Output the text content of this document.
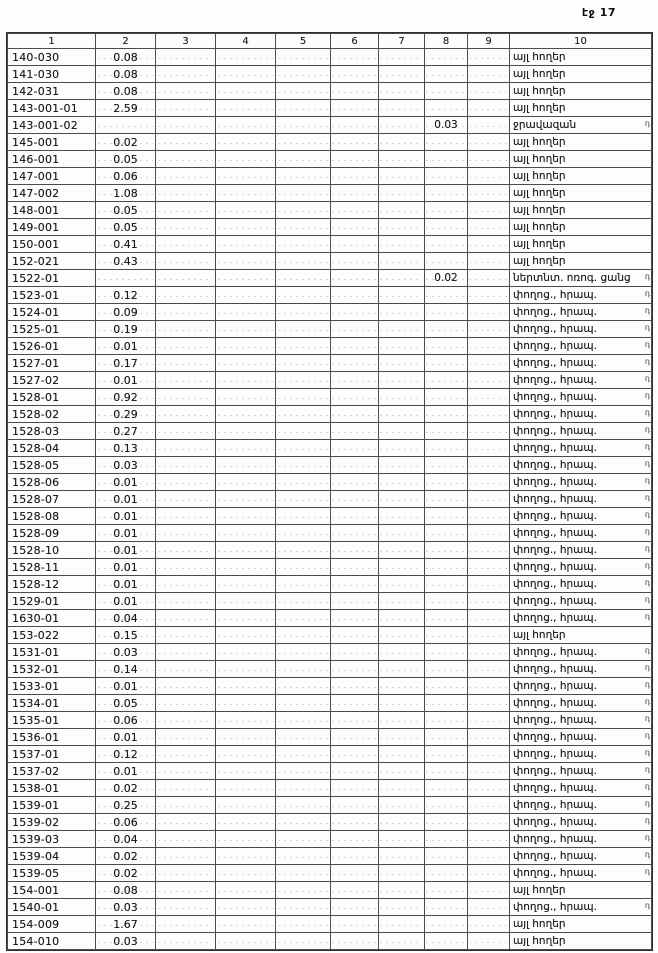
էջ 17
1	2	3	4	5	6	7	8	9	10
140-030	0.08								այլ հողեր

141-030	0.08								այլ հողեր

142-031	0.08								այլ հողեր

143-001-01	2.59								այլ հողեր

143-001-02							0.03		ջրավազան դ

145-001	0.02								այլ հողեր

146-001	0.05								այլ հողեր

147-001	0.06								այլ հողեր

147-002	1.08								այլ հողեր

148-001	0.05								այլ հողեր

149-001	0.05								այլ հողեր

150-001	0.41								այլ հողեր

152-021	0.43								այլ հողեր

1522-01							0.02		ներտնտ. ոռոգ. ցանց դ

1523-01	0.12								փողոց., հրապ. դ

1524-01	0.09								փողոց., հրապ. դ

1525-01	0.19								փողոց., հրապ. դ

1526-01	0.01								փողոց., հրապ. դ

1527-01	0.17								փողոց., հրապ. դ

1527-02	0.01								փողոց., հրապ. դ

1528-01	0.92								փողոց., հրապ. դ

1528-02	0.29								փողոց., հրապ. դ

1528-03	0.27								փողոց., հրապ. դ

1528-04	0.13								փողոց., հրապ. դ

1528-05	0.03								փողոց., հրապ. դ

1528-06	0.01								փողոց., հրապ. դ

1528-07	0.01								փողոց., հրապ. դ

1528-08	0.01								փողոց., հրապ. դ

1528-09	0.01								փողոց., հրապ. դ

1528-10	0.01								փողոց., հրապ. դ

1528-11	0.01								փողոց., հրապ. դ

1528-12	0.01								փողոց., հրապ. դ

1529-01	0.01								փողոց., հրապ. դ

1630-01	0.04								փողոց., հրապ. դ

153-022	0.15								այլ հողեր

1531-01	0.03								փողոց., հրապ. դ

1532-01	0.14								փողոց., հրապ. դ

1533-01	0.01								փողոց., հրապ. դ

1534-01	0.05								փողոց., հրապ. դ

1535-01	0.06								փողոց., հրապ. դ

1536-01	0.01								փողոց., հրապ. դ

1537-01	0.12								փողոց., հրապ. դ

1537-02	0.01								փողոց., հրապ. դ

1538-01	0.02								փողոց., հրապ. դ

1539-01	0.25								փողոց., հրապ. դ

1539-02	0.06								փողոց., հրապ. դ

1539-03	0.04								փողոց., հրապ. դ

1539-04	0.02								փողոց., հրապ. դ

1539-05	0.02								փողոց., հրապ. դ

154-001	0.08								այլ հողեր

1540-01	0.03								փողոց., հրապ. դ

154-009	1.67								այլ հողեր

154-010	0.03								այլ հողեր
